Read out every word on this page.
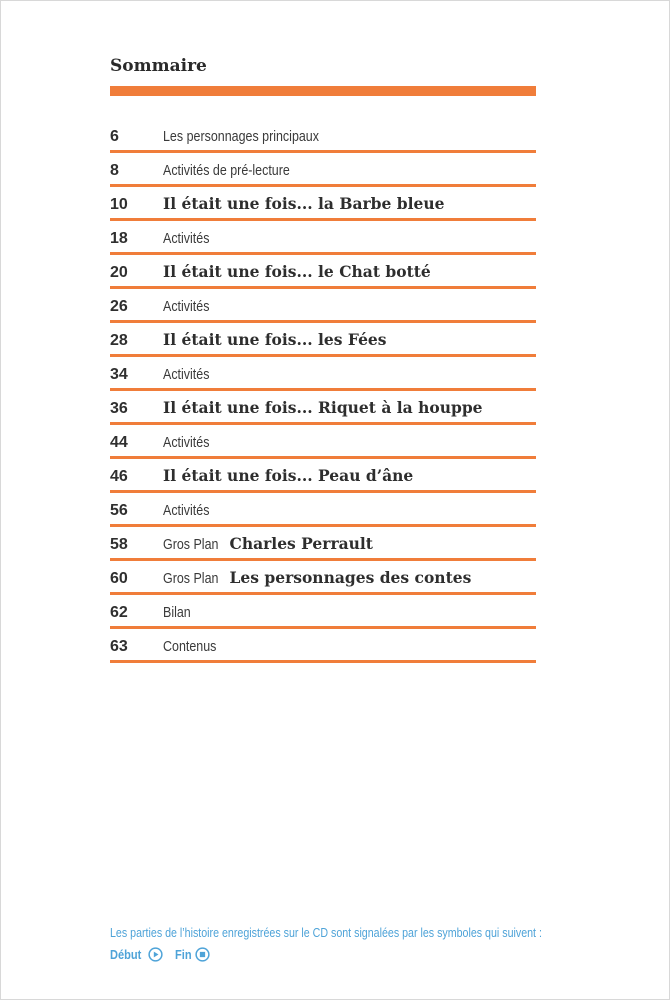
Sommaire
6	Les personnages principaux
8	Activités de pré-lecture
10 Il était une fois... la Barbe bleue
18 Activités
20 Il était une fois... le Chat botté
26 Activités
28 Il était une fois... les Fées
34 Activités
36 Il était une fois... Riquet à la houppe
44 Activités
46 Il était une fois... Peau d’âne
56 Activités
58 Gros Plan  Charles Perrault
60 Gros Plan  Les personnages des contes
62 Bilan
63 Contenus
Les parties de l’histoire enregistrées sur le CD sont signalées par les symboles qui suivent :
Début	Fin
